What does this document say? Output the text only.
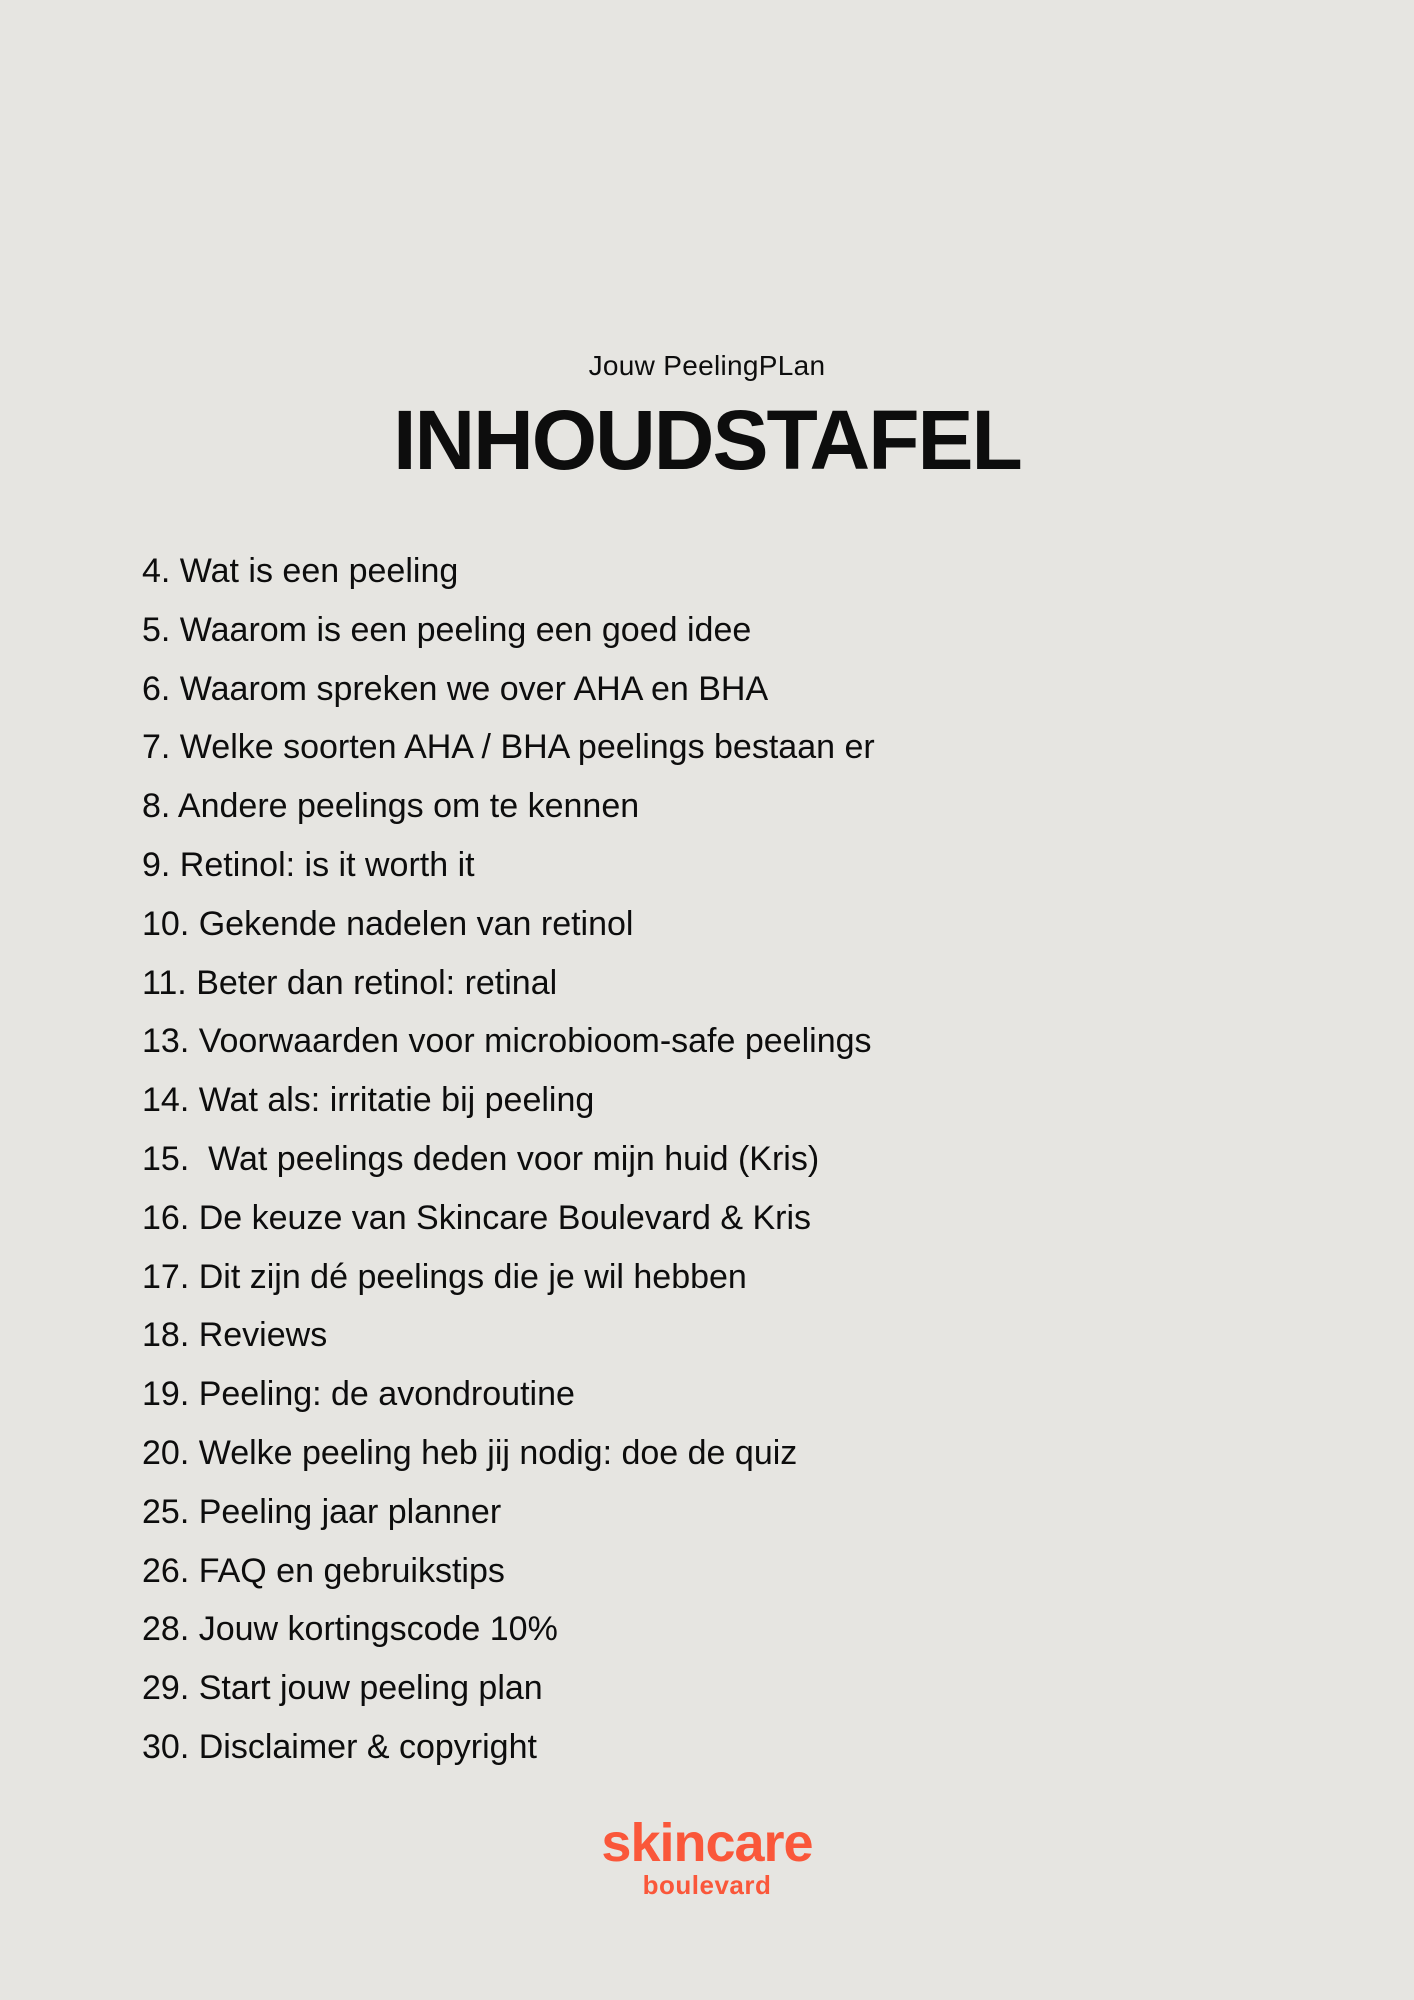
Jouw PeelingPLan
INHOUDSTAFEL
4. Wat is een peeling
5. Waarom is een peeling een goed idee
6. Waarom spreken we over AHA en BHA
7. Welke soorten AHA / BHA peelings bestaan er
8. Andere peelings om te kennen
9. Retinol: is it worth it
10. Gekende nadelen van retinol
11. Beter dan retinol: retinal
13. Voorwaarden voor microbioom-safe peelings
14. Wat als: irritatie bij peeling
15.  Wat peelings deden voor mijn huid (Kris)
16. De keuze van Skincare Boulevard & Kris
17. Dit zijn dé peelings die je wil hebben
18. Reviews
19. Peeling: de avondroutine
20. Welke peeling heb jij nodig: doe de quiz
25. Peeling jaar planner
26. FAQ en gebruikstips
28. Jouw kortingscode 10%
29. Start jouw peeling plan
30. Disclaimer & copyright
skincare
boulevard
